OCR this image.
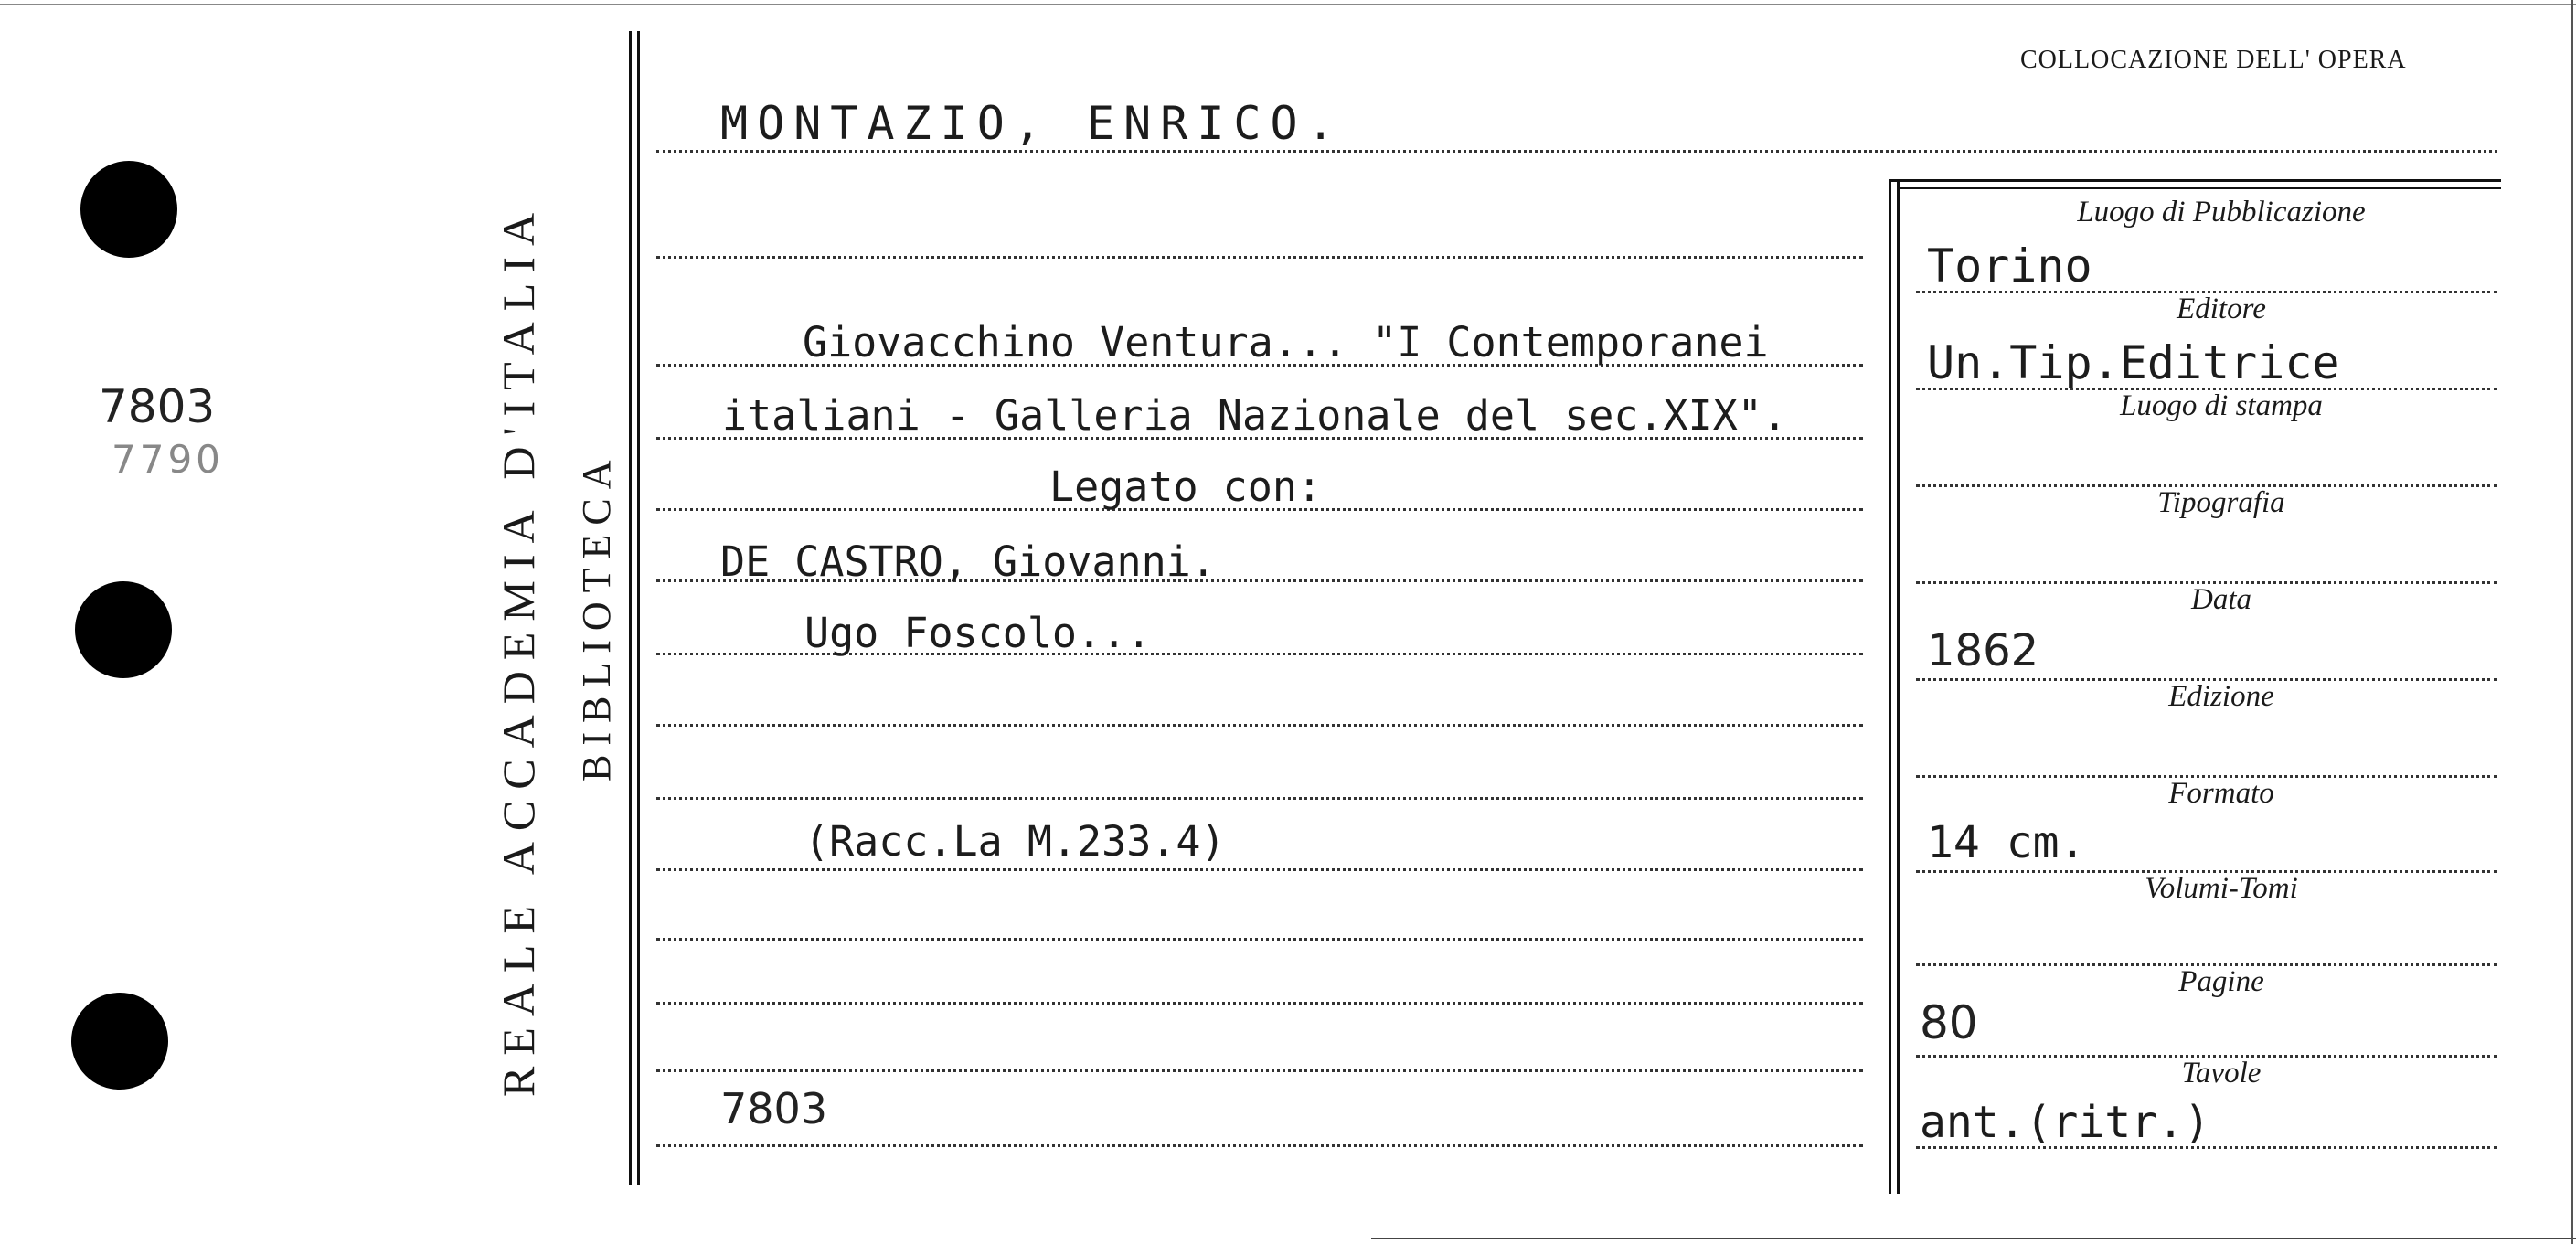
7803
7790	REALE ACCADEMIA D'ITALIA BIBLIOTECA
COLLOCAZIONE DELL' OPERA
MONTAZIO, ENRICO.
Giovacchino Ventura... "I Contemporanei
italiani - Galleria Nazionale del sec.XIX".
Legato con:
DE CASTRO, Giovanni.
Ugo Foscolo...
(Racc.La M.233.4)
7803
Luogo di Pubblicazione
Editore
Luogo di stampa
Tipografia
Data
Edizione
Formato
Volumi-Tomi
Pagine
Tavole
Torino
Un.Tip.Editrice
1862
14 cm.
80
ant.(ritr.)
